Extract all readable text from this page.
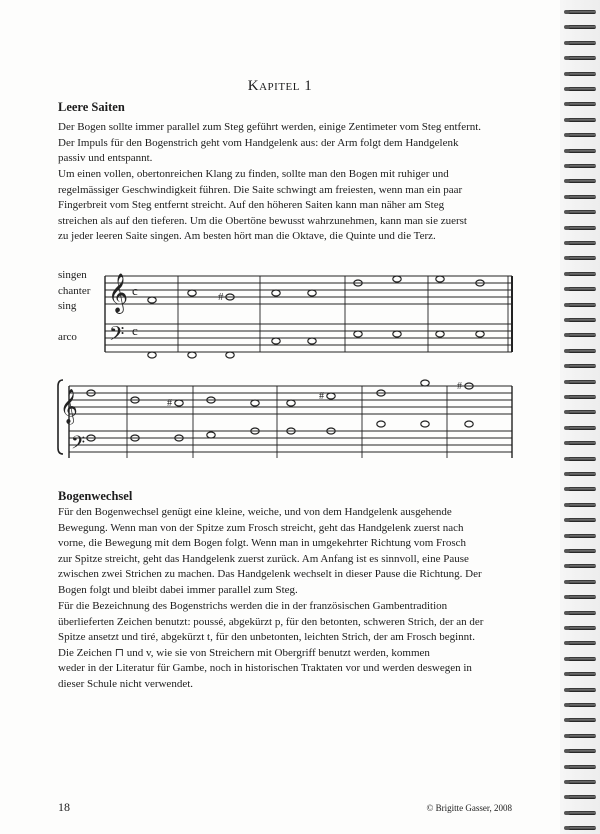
Kapitel 1
Leere Saiten

Der Bogen sollte immer parallel zum Steg geführt werden, einige Zentimeter vom Steg entfernt.
Der Impuls für den Bogenstrich geht vom Handgelenk aus: der Arm folgt dem Handgelenk
passiv und entspannt.

Um einen vollen, obertonreichen Klang zu finden, sollte man den Bogen mit ruhiger und
regelmässiger Geschwindigkeit führen. Die Saite schwingt am freiesten, wenn man ein paar
Fingerbreit vom Steg entfernt streicht. Auf den höheren Saiten kann man näher am Steg
streichen als auf den tieferen. Um die Obertöne bewusst wahrzunehmen, kann man sie zuerst
zu jeder leeren Saite singen. Am besten hört man die Oktave, die Quinte und die Terz.

singen
chanter
sing
arco
𝄞
𝄢
c
c
#
𝄞
𝄢
#
#
#
Bogenwechsel

Für den Bogenwechsel genügt eine kleine, weiche, und von dem Handgelenk ausgehende
Bewegung. Wenn man von der Spitze zum Frosch streicht, geht das Handgelenk zuerst nach
vorne, die Bewegung mit dem Bogen folgt. Wenn man in umgekehrter Richtung vom Frosch
zur Spitze streicht, geht das Handgelenk zuerst zurück. Am Anfang ist es sinnvoll, eine Pause
zwischen zwei Strichen zu machen. Das Handgelenk wechselt in dieser Pause die Richtung. Der
Bogen folgt und bleibt dabei immer parallel zum Steg.

Für die Bezeichnung des Bogenstrichs werden die in der französischen Gambentradition
überlieferten Zeichen benutzt: poussé, abgekürzt p, für den betonten, schweren Strich, der an der
Spitze ansetzt und tiré, abgekürzt t, für den unbetonten, leichten Strich, der am Frosch beginnt.
Die Zeichen ⊓ und v, wie sie von Streichern mit Obergriff benutzt werden, kommen
weder in der Literatur für Gambe, noch in historischen Traktaten vor und werden deswegen in
dieser Schule nicht verwendet.

18	© Brigitte Gasser, 2008
